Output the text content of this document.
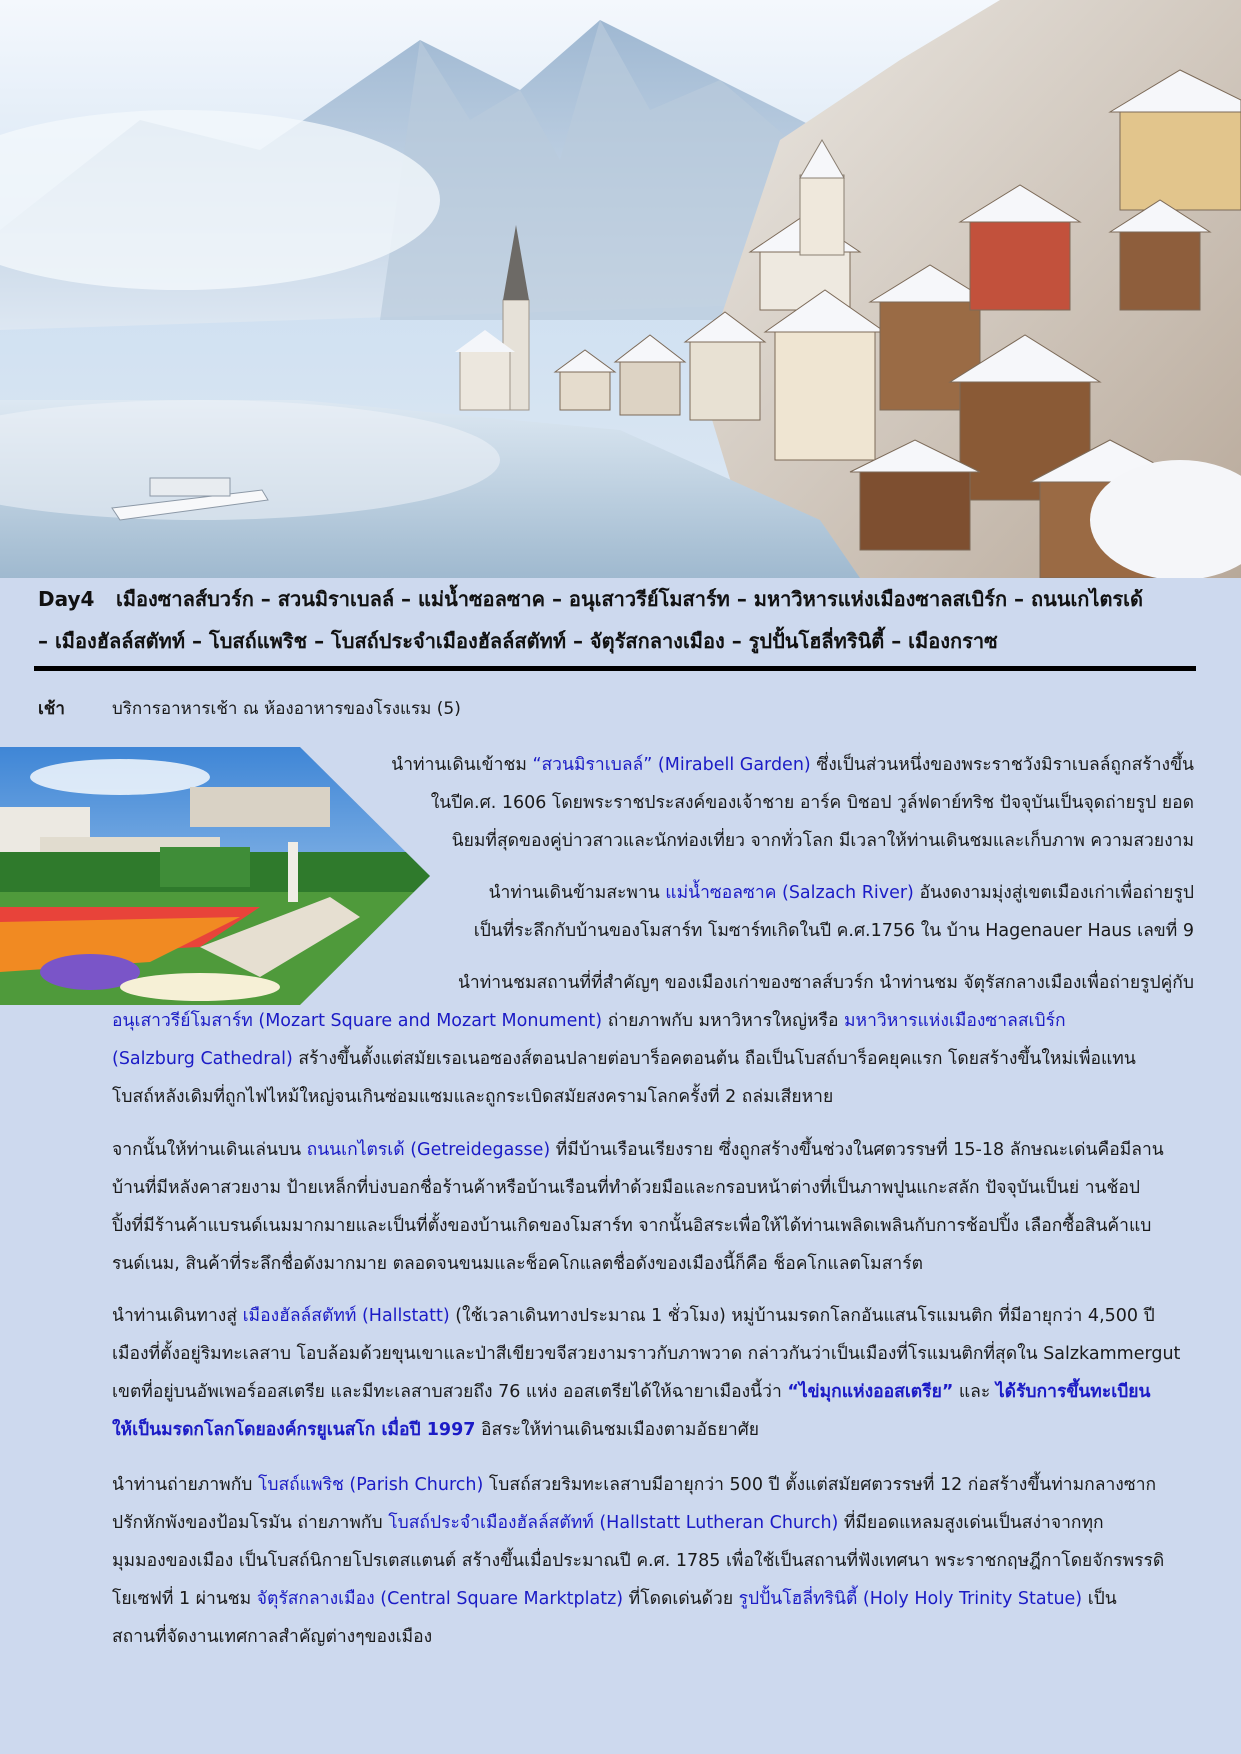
Day4 เมืองซาลส์บวร์ก – สวนมิราเบลล์ – แม่น้ำซอลซาค – อนุเสาวรีย์โมสาร์ท – มหาวิหารแห่งเมืองซาลสเบิร์ก – ถนนเกไตรเด้
– เมืองฮัลล์สตัทท์ – โบสถ์แพริช – โบสถ์ประจำเมืองฮัลล์สตัทท์ – จัตุรัสกลางเมือง – รูปปั้นโฮลี่ทรินิตี้ – เมืองกราซ
เช้า	บริการอาหารเช้า ณ ห้องอาหารของโรงแรม (5)
นำท่านเดินเข้าชม “สวนมิราเบลล์” (Mirabell Garden) ซึ่งเป็นส่วนหนึ่งของพระราชวังมิราเบลล์ถูกสร้างขึ้น
ในปีค.ศ. 1606 โดยพระราชประสงค์ของเจ้าชาย อาร์ค บิชอป วูล์ฟดาย์ทริช ปัจจุบันเป็นจุดถ่ายรูป ยอด
นิยมที่สุดของคู่บ่าวสาวและนักท่องเที่ยว จากทั่วโลก มีเวลาให้ท่านเดินชมและเก็บภาพ ความสวยงาม
นำท่านเดินข้ามสะพาน แม่น้ำซอลซาค (Salzach River) อันงดงามมุ่งสู่เขตเมืองเก่าเพื่อถ่ายรูป
เป็นที่ระลึกกับบ้านของโมสาร์ท โมซาร์ทเกิดในปี ค.ศ.1756 ใน บ้าน Hagenauer Haus เลขที่ 9
นำท่านชมสถานที่ที่สำคัญๆ ของเมืองเก่าของซาลส์บวร์ก นำท่านชม จัตุรัสกลางเมืองเพื่อถ่ายรูปคู่กับ
อนุเสาวรีย์โมสาร์ท (Mozart Square and Mozart Monument) ถ่ายภาพกับ มหาวิหารใหญ่หรือ มหาวิหารแห่งเมืองซาลสเบิร์ก
(Salzburg Cathedral) สร้างขึ้นตั้งแต่สมัยเรอเนอซองส์ตอนปลายต่อบาร็อคตอนต้น ถือเป็นโบสถ์บาร็อคยุคแรก โดยสร้างขึ้นใหม่เพื่อแทน
โบสถ์หลังเดิมที่ถูกไฟไหม้ใหญ่จนเกินซ่อมแซมและถูกระเบิดสมัยสงครามโลกครั้งที่ 2 ถล่มเสียหาย
จากนั้นให้ท่านเดินเล่นบน ถนนเกไตรเด้ (Getreidegasse) ที่มีบ้านเรือนเรียงราย ซึ่งถูกสร้างขึ้นช่วงในศตวรรษที่ 15-18 ลักษณะเด่นคือมีลาน
บ้านที่มีหลังคาสวยงาม ป้ายเหล็กที่บ่งบอกชื่อร้านค้าหรือบ้านเรือนที่ทำด้วยมือและกรอบหน้าต่างที่เป็นภาพปูนแกะสลัก ปัจจุบันเป็นย่ านช้อป
ปิ้งที่มีร้านค้าแบรนด์เนมมากมายและเป็นที่ตั้งของบ้านเกิดของโมสาร์ท จากนั้นอิสระเพื่อให้ได้ท่านเพลิดเพลินกับการช้อปปิ้ง เลือกซื้อสินค้าแบ
รนด์เนม, สินค้าที่ระลึกชื่อดังมากมาย ตลอดจนขนมและช็อคโกแลตชื่อดังของเมืองนี้ก็คือ ช็อคโกแลตโมสาร์ต
นำท่านเดินทางสู่ เมืองฮัลล์สตัทท์ (Hallstatt) (ใช้เวลาเดินทางประมาณ 1 ชั่วโมง) หมู่บ้านมรดกโลกอันแสนโรแมนติก ที่มีอายุกว่า 4,500 ปี
เมืองที่ตั้งอยู่ริมทะเลสาบ โอบล้อมด้วยขุนเขาและป่าสีเขียวขจีสวยงามราวกับภาพวาด กล่าวกันว่าเป็นเมืองที่โรแมนติกที่สุดใน Salzkammergut
เขตที่อยู่บนอัพเพอร์ออสเตรีย และมีทะเลสาบสวยถึง 76 แห่ง ออสเตรียได้ให้ฉายาเมืองนี้ว่า “ไข่มุกแห่งออสเตรีย” และ ได้รับการขึ้นทะเบียน
ให้เป็นมรดกโลกโดยองค์กรยูเนสโก เมื่อปี 1997 อิสระให้ท่านเดินชมเมืองตามอัธยาศัย
นำท่านถ่ายภาพกับ โบสถ์แพริช (Parish Church) โบสถ์สวยริมทะเลสาบมีอายุกว่า 500 ปี ตั้งแต่สมัยศตวรรษที่ 12 ก่อสร้างขึ้นท่ามกลางซาก
ปรักหักพังของป้อมโรมัน ถ่ายภาพกับ โบสถ์ประจำเมืองฮัลล์สตัทท์ (Hallstatt Lutheran Church) ที่มียอดแหลมสูงเด่นเป็นสง่าจากทุก
มุมมองของเมือง เป็นโบสถ์นิกายโปรเตสแตนต์ สร้างขึ้นเมื่อประมาณปี ค.ศ. 1785 เพื่อใช้เป็นสถานที่ฟังเทศนา พระราชกฤษฎีกาโดยจักรพรรดิ
โยเซฟที่ 1 ผ่านชม จัตุรัสกลางเมือง (Central Square Marktplatz) ที่โดดเด่นด้วย รูปปั้นโฮลี่ทรินิตี้ (Holy Holy Trinity Statue) เป็น
สถานที่จัดงานเทศกาลสำคัญต่างๆของเมือง
